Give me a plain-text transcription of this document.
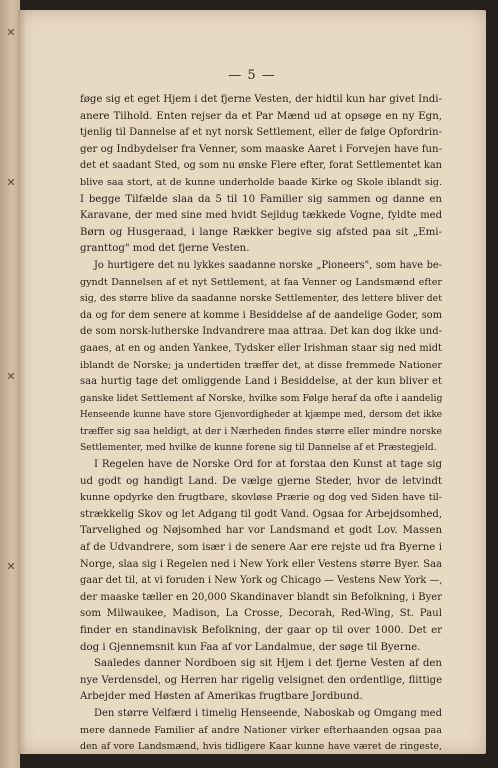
✕
✕
✕
✕
— 5 —
føge sig et eget Hjem i det fjerne Vesten, der hidtil kun har givet Indi-
anere Tilhold. Enten rejser da et Par Mænd ud at opsøge en ny Egn,
tjenlig til Dannelse af et nyt norsk Settlement, eller de følge Opfordrin-
ger og Indbydelser fra Venner, som maaske Aaret i Forvejen have fun-
det et saadant Sted, og som nu ønske Flere efter, forat Settlementet kan
blive saa stort, at de kunne underholde baade Kirke og Skole iblandt sig.
I begge Tilfælde slaa da 5 til 10 Familier sig sammen og danne en
Karavane, der med sine med hvidt Sejldug tækkede Vogne, fyldte med
Børn og Husgeraad, i lange Rækker begive sig afsted paa sit „Emi-
granttog" mod det fjerne Vesten.
Jo hurtigere det nu lykkes saadanne norske „Pioneers", som have be-
gyndt Dannelsen af et nyt Settlement, at faa Venner og Landsmænd efter
sig, des større blive da saadanne norske Settlementer, des lettere bliver det
da og for dem senere at komme i Besiddelse af de aandelige Goder, som
de som norsk-lutherske Indvandrere maa attraa. Det kan dog ikke und-
gaaes, at en og anden Yankee, Tydsker eller Irishman staar sig ned midt
iblandt de Norske; ja undertiden træffer det, at disse fremmede Nationer
saa hurtig tage det omliggende Land i Besiddelse, at der kun bliver et
ganske lidet Settlement af Norske, hvilke som Følge heraf da ofte i aandelig
Henseende kunne have store Gjenvordigheder at kjæmpe med, dersom det ikke
træffer sig saa heldigt, at der i Nærheden findes større eller mindre norske
Settlementer, med hvilke de kunne forene sig til Dannelse af et Præstegjeld.
I Regelen have de Norske Ord for at forstaa den Kunst at tage sig
ud godt og handigt Land. De vælge gjerne Steder, hvor de letvindt
kunne opdyrke den frugtbare, skovløse Prærie og dog ved Siden have til-
strækkelig Skov og let Adgang til godt Vand. Ogsaa for Arbejdsomhed,
Tarvelighed og Nøjsomhed har vor Landsmand et godt Lov. Massen
af de Udvandrere, som især i de senere Aar ere rejste ud fra Byerne i
Norge, slaa sig i Regelen ned i New York eller Vestens større Byer. Saa
gaar det til, at vi foruden i New York og Chicago — Vestens New York —,
der maaske tæller en 20,000 Skandinaver blandt sin Befolkning, i Byer
som Milwaukee, Madison, La Crosse, Decorah, Red-Wing, St. Paul
finder en standinavisk Befolkning, der gaar op til over 1000. Det er
dog i Gjennemsnit kun Faa af vor Landalmue, der søge til Byerne.
Saaledes danner Nordboen sig sit Hjem i det fjerne Vesten af den
nye Verdensdel, og Herren har rigelig velsignet den ordentlige, flittige
Arbejder med Høsten af Amerikas frugtbare Jordbund.
Den større Velfærd i timelig Henseende, Naboskab og Omgang med
mere dannede Familier af andre Nationer virker efterhaanden ogsaa paa
den af vore Landsmænd, hvis tidligere Kaar kunne have været de ringeste,
